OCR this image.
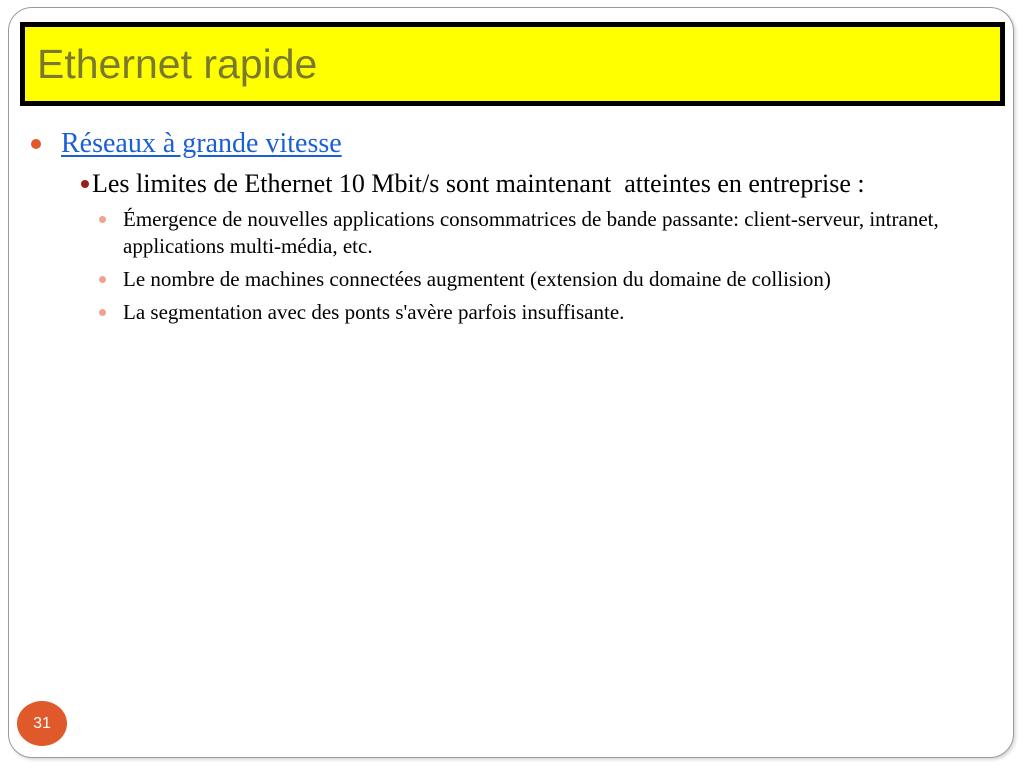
Ethernet rapide
Réseaux à grande vitesse
Les limites de Ethernet 10 Mbit/s sont maintenant  atteintes en entreprise :
Émergence de nouvelles applications consommatrices de bande passante: client-serveur, intranet, applications multi-média, etc.
Le nombre de machines connectées augmentent (extension du domaine de collision)
La segmentation avec des ponts s'avère parfois insuffisante.
31
